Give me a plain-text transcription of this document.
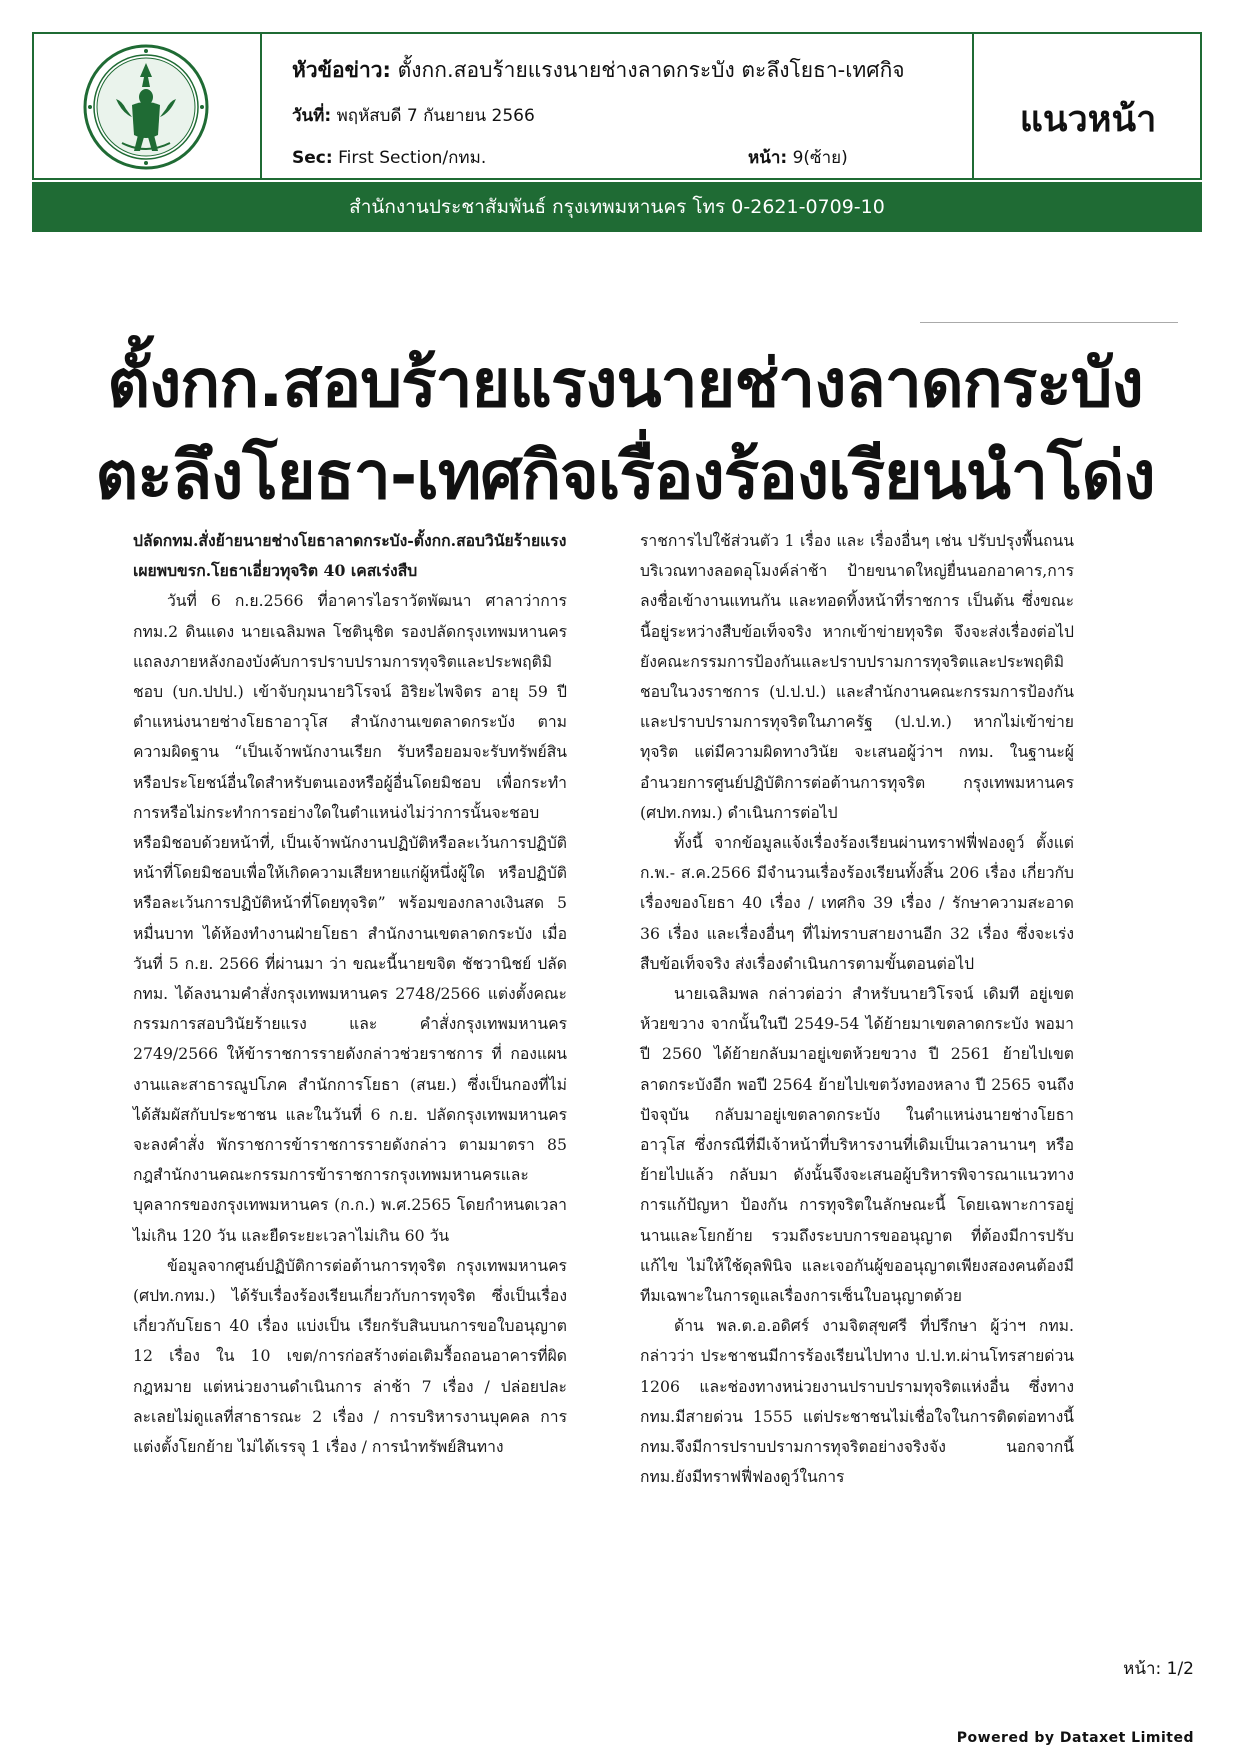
หัวข้อข่าว: ตั้งกก.สอบร้ายแรงนายช่างลาดกระบัง ตะลึงโยธา-เทศกิจ
วันที่: พฤหัสบดี 7 กันยายน 2566
Sec: First Section/กทม.	หน้า: 9(ซ้าย)
แนวหน้า
สำนักงานประชาสัมพันธ์ กรุงเทพมหานคร โทร 0-2621-0709-10
ตั้งกก.สอบร้ายแรงนายช่างลาดกระบัง
ตะลึงโยธา-เทศกิจเรื่องร้องเรียนนำโด่ง

ปลัดกทม.สั่งย้ายนายช่างโยธาลาดกระบัง-ตั้งกก.สอบวินัยร้ายแรง เผยพบขรก.โยธาเอี่ยวทุจริต 40 เคสเร่งสืบ

วันที่ 6 ก.ย.2566 ที่อาคารไอราวัตพัฒนา ศาลาว่าการ กทม.2 ดินแดง นายเฉลิมพล โชตินุชิต รองปลัดกรุงเทพมหานคร แถลงภายหลังกองบังคับการปราบปรามการทุจริตและประพฤติมิชอบ (บก.ปปป.) เข้าจับกุมนายวิโรจน์ อิริยะไพจิตร อายุ 59 ปี ตำแหน่งนายช่างโยธาอาวุโส สำนักงานเขตลาดกระบัง ตามความผิดฐาน “เป็นเจ้าพนักงานเรียก รับหรือยอมจะรับทรัพย์สินหรือประโยชน์อื่นใดสำหรับตนเองหรือผู้อื่นโดยมิชอบ เพื่อกระทำการหรือไม่กระทำการอย่างใดในตำแหน่งไม่ว่าการนั้นจะชอบหรือมิชอบด้วยหน้าที่, เป็นเจ้าพนักงานปฏิบัติหรือละเว้นการปฏิบัติหน้าที่โดยมิชอบเพื่อให้เกิดความเสียหายแก่ผู้หนึ่งผู้ใด หรือปฏิบัติหรือละเว้นการปฏิบัติหน้าที่โดยทุจริต” พร้อมของกลางเงินสด 5 หมื่นบาท ได้ห้องทำงานฝ่ายโยธา สำนักงานเขตลาดกระบัง เมื่อวันที่ 5 ก.ย. 2566 ที่ผ่านมา ว่า ขณะนี้นายขจิต ชัชวานิชย์ ปลัดกทม. ได้ลงนามคำสั่งกรุงเทพมหานคร 2748/2566 แต่งตั้งคณะกรรมการสอบวินัยร้ายแรง และ คำสั่งกรุงเทพมหานคร 2749/2566 ให้ข้าราชการรายดังกล่าวช่วยราชการ ที่ กองแผนงานและสาธารณูปโภค สำนักการโยธา (สนย.) ซึ่งเป็นกองที่ไม่ได้สัมผัสกับประชาชน และในวันที่ 6 ก.ย. ปลัดกรุงเทพมหานคร จะลงคำสั่ง พักราชการข้าราชการรายดังกล่าว ตามมาตรา 85 กฎสำนักงานคณะกรรมการข้าราชการกรุงเทพมหานครและบุคลากรของกรุงเทพมหานคร (ก.ก.) พ.ศ.2565 โดยกำหนดเวลาไม่เกิน 120 วัน และยืดระยะเวลาไม่เกิน 60 วัน

ข้อมูลจากศูนย์ปฏิบัติการต่อต้านการทุจริต กรุงเทพมหานคร (ศปท.กทม.) ได้รับเรื่องร้องเรียนเกี่ยวกับการทุจริต ซึ่งเป็นเรื่องเกี่ยวกับโยธา 40 เรื่อง แบ่งเป็น เรียกรับสินบนการขอใบอนุญาต 12 เรื่อง ใน 10 เขต/การก่อสร้างต่อเติมรื้อถอนอาคารที่ผิดกฎหมาย แต่หน่วยงานดำเนินการ ล่าช้า 7 เรื่อง / ปล่อยปละละเลยไม่ดูแลที่สาธารณะ 2 เรื่อง / การบริหารงานบุคคล การแต่งตั้งโยกย้าย ไม่ได้เรรจุ 1 เรื่อง / การนำทรัพย์สินทาง

ราชการไปใช้ส่วนตัว 1 เรื่อง และ เรื่องอื่นๆ เช่น ปรับปรุงพื้นถนนบริเวณทางลอดอุโมงค์ล่าช้า ป้ายขนาดใหญ่ยื่นนอกอาคาร,การลงชื่อเข้างานแทนกัน และทอดทิ้งหน้าที่ราชการ เป็นต้น ซึ่งขณะนี้อยู่ระหว่างสืบข้อเท็จจริง หากเข้าข่ายทุจริต จึงจะส่งเรื่องต่อไปยังคณะกรรมการป้องกันและปราบปรามการทุจริตและประพฤติมิชอบในวงราชการ (ป.ป.ป.) และสำนักงานคณะกรรมการป้องกันและปราบปรามการทุจริตในภาครัฐ (ป.ป.ท.) หากไม่เข้าข่ายทุจริต แต่มีความผิดทางวินัย จะเสนอผู้ว่าฯ กทม. ในฐานะผู้อำนวยการศูนย์ปฏิบัติการต่อต้านการทุจริต กรุงเทพมหานคร (ศปท.กทม.) ดำเนินการต่อไป

ทั้งนี้ จากข้อมูลแจ้งเรื่องร้องเรียนผ่านทราฟฟี่ฟองดูว์ ตั้งแต่ ก.พ.- ส.ค.2566 มีจำนวนเรื่องร้องเรียนทั้งสิ้น 206 เรื่อง เกี่ยวกับเรื่องของโยธา 40 เรื่อง / เทศกิจ 39 เรื่อง / รักษาความสะอาด 36 เรื่อง และเรื่องอื่นๆ ที่ไม่ทราบสายงานอีก 32 เรื่อง ซึ่งจะเร่งสืบข้อเท็จจริง ส่งเรื่องดำเนินการตามขั้นตอนต่อไป

นายเฉลิมพล กล่าวต่อว่า สำหรับนายวิโรจน์ เดิมที อยู่เขตห้วยขวาง จากนั้นในปี 2549-54 ได้ย้ายมาเขตลาดกระบัง พอมาปี 2560 ได้ย้ายกลับมาอยู่เขตห้วยขวาง ปี 2561 ย้ายไปเขตลาดกระบังอีก พอปี 2564 ย้ายไปเขตวังทองหลาง ปี 2565 จนถึงปัจจุบัน กลับมาอยู่เขตลาดกระบัง ในตำแหน่งนายช่างโยธาอาวุโส ซึ่งกรณีที่มีเจ้าหน้าที่บริหารงานที่เดิมเป็นเวลานานๆ หรือย้ายไปแล้ว กลับมา ดังนั้นจึงจะเสนอผู้บริหารพิจารณาแนวทางการแก้ปัญหา ป้องกัน การทุจริตในลักษณะนี้ โดยเฉพาะการอยู่นานและโยกย้าย รวมถึงระบบการขออนุญาต ที่ต้องมีการปรับแก้ไข ไม่ให้ใช้ดุลพินิจ และเจอกันผู้ขออนุญาตเพียงสองคนต้องมีทีมเฉพาะในการดูแลเรื่องการเซ็นใบอนุญาตด้วย

ด้าน พล.ต.อ.อดิศร์ งามจิตสุขศรี ที่ปรึกษา ผู้ว่าฯ กทม. กล่าวว่า ประชาชนมีการร้องเรียนไปทาง ป.ป.ท.ผ่านโทรสายด่วน 1206 และช่องทางหน่วยงานปราบปรามทุจริตแห่งอื่น ซึ่งทาง กทม.มีสายด่วน 1555 แต่ประชาชนไม่เชื่อใจในการติดต่อทางนี้ กทม.จึงมีการปราบปรามการทุจริตอย่างจริงจัง นอกจากนี้ กทม.ยังมีทราฟฟี่ฟองดูว์ในการ

หน้า: 1/2
Powered by Dataxet Limited
